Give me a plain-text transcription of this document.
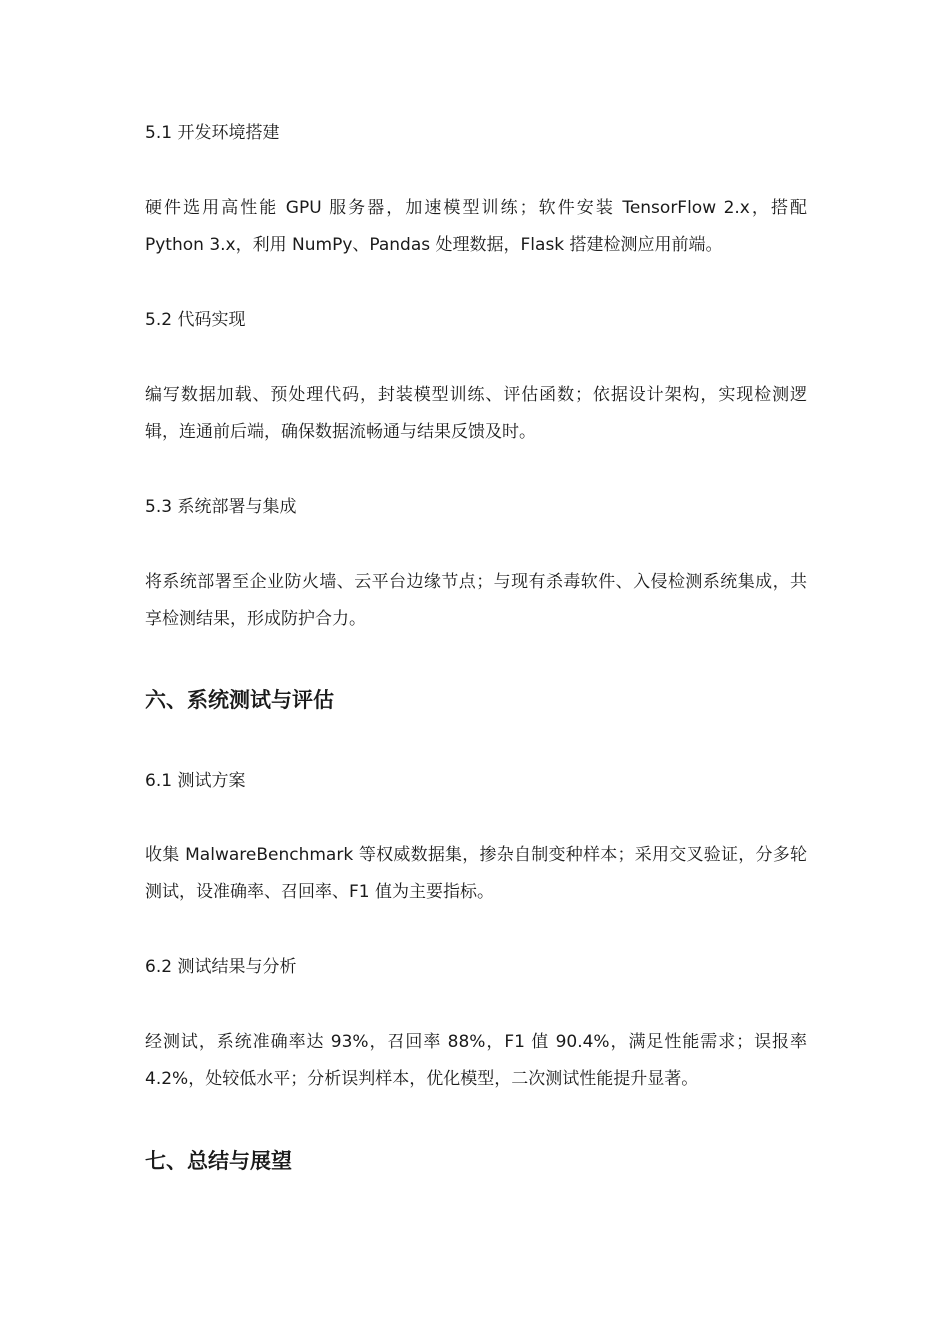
5.1 开发环境搭建

硬件选用高性能 GPU 服务器，加速模型训练；软件安装 TensorFlow 2.x，搭配 Python 3.x，利用 NumPy、Pandas 处理数据，Flask 搭建检测应用前端。

5.2 代码实现

编写数据加载、预处理代码，封装模型训练、评估函数；依据设计架构，实现检测逻辑，连通前后端，确保数据流畅通与结果反馈及时。

5.3 系统部署与集成

将系统部署至企业防火墙、云平台边缘节点；与现有杀毒软件、入侵检测系统集成，共享检测结果，形成防护合力。

六、系统测试与评估
6.1 测试方案

收集 MalwareBenchmark 等权威数据集，掺杂自制变种样本；采用交叉验证，分多轮测试，设准确率、召回率、F1 值为主要指标。

6.2 测试结果与分析

经测试，系统准确率达 93%，召回率 88%，F1 值 90.4%，满足性能需求；误报率 4.2%，处较低水平；分析误判样本，优化模型，二次测试性能提升显著。

七、总结与展望
